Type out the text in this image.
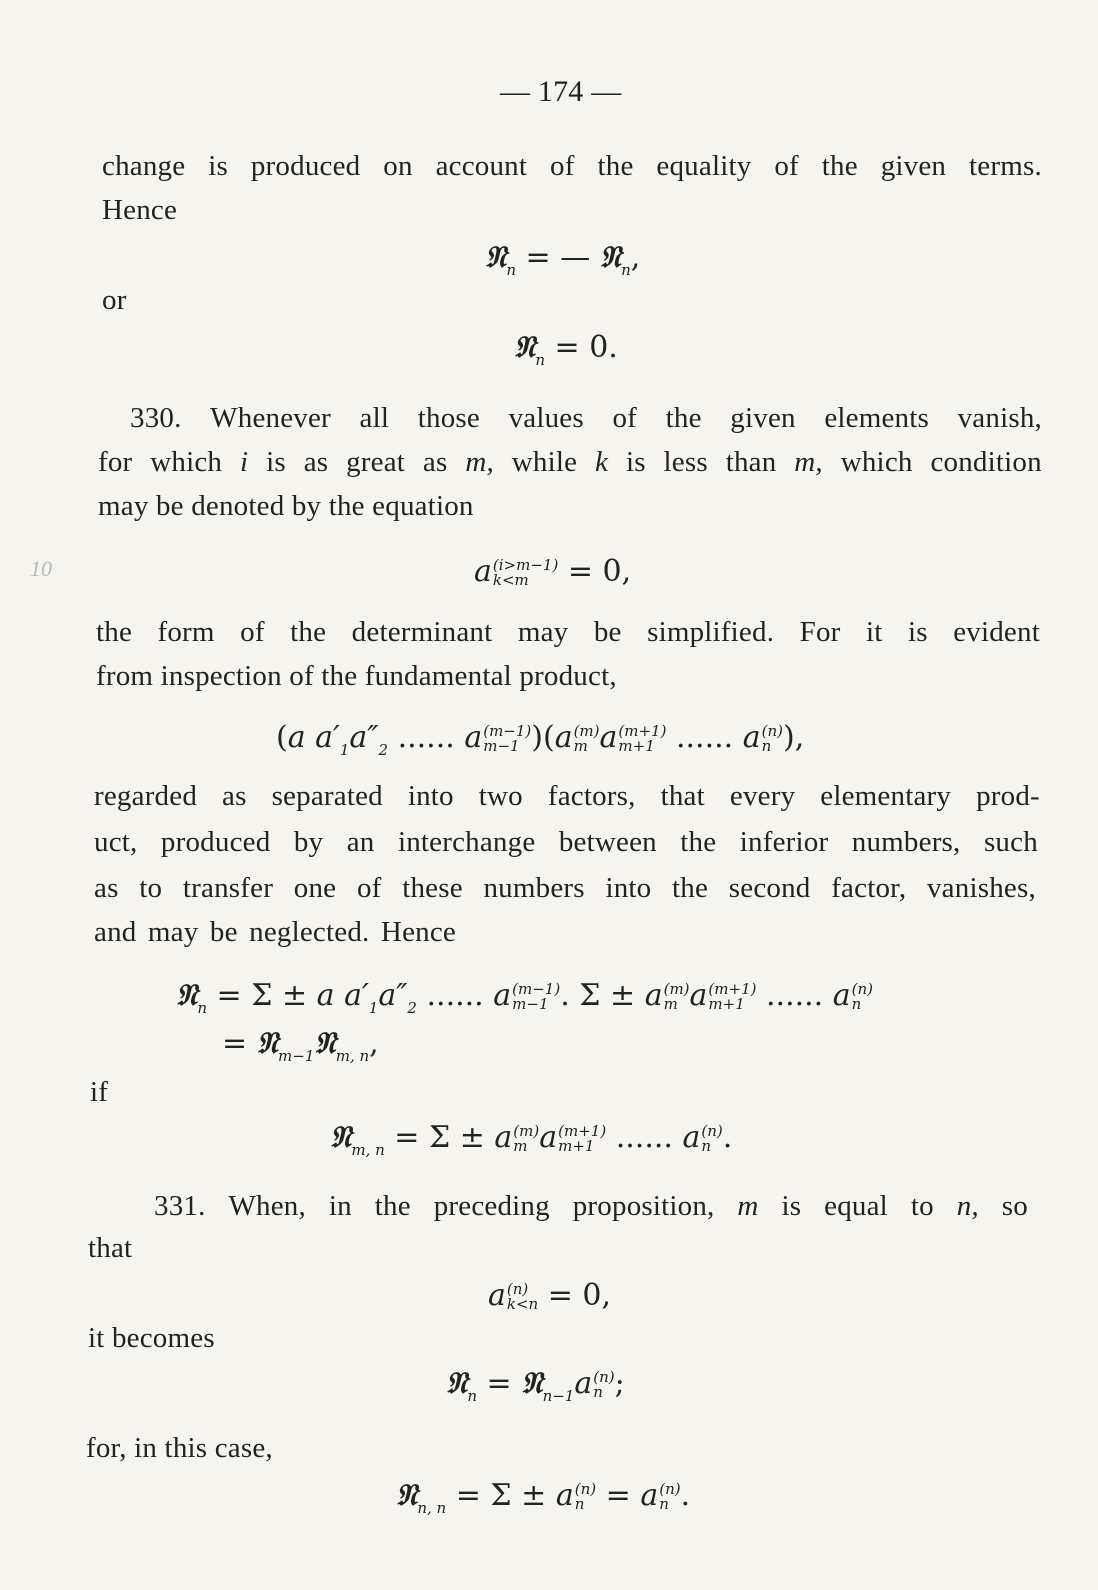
— 174 —
change is produced on account of the equality of the given terms.
Hence
𝔑$_n$ = — 𝔑$_n$,
or
𝔑$_n$ = 0.
330. Whenever all those values of the given elements vanish,
for which i is as great as m, while k is less than m, which condition
may be denoted by the equation
10	a (i>m−1)
k<m = 0,
the form of the determinant may be simplified. For it is evident
from inspection of the fundamental product,
(a $a'_1a''_2$ ...... a (m−1)
m−1 )(a (m)
m a (m+1)
m+1 ...... a (n)
n ),
regarded as separated into two factors, that every elementary prod-
uct, produced by an interchange between the inferior numbers, such
as to transfer one of these numbers into the second factor, vanishes,
and may be neglected. Hence
𝔑$_n$ = Σ ± a $a'_1a''_2$ ...... a (m−1)
m−1 . Σ ± a (m)
m a (m+1)
m+1 ...... a (n)
n
= 𝔑$_{m-1}$𝔑$_{m, n}$,
if
𝔑$_{m, n}$ = Σ ± a (m)
m a (m+1)
m+1 ...... a (n)
n .
331. When, in the preceding proposition, m is equal to n, so
that
a (n)
k<n = 0,
it becomes
𝔑$_n$ = 𝔑$_{n-1}$a (n)
n ;
for, in this case,
𝔑$_{n, n}$ = Σ ± a (n)
n = a (n)
n .
